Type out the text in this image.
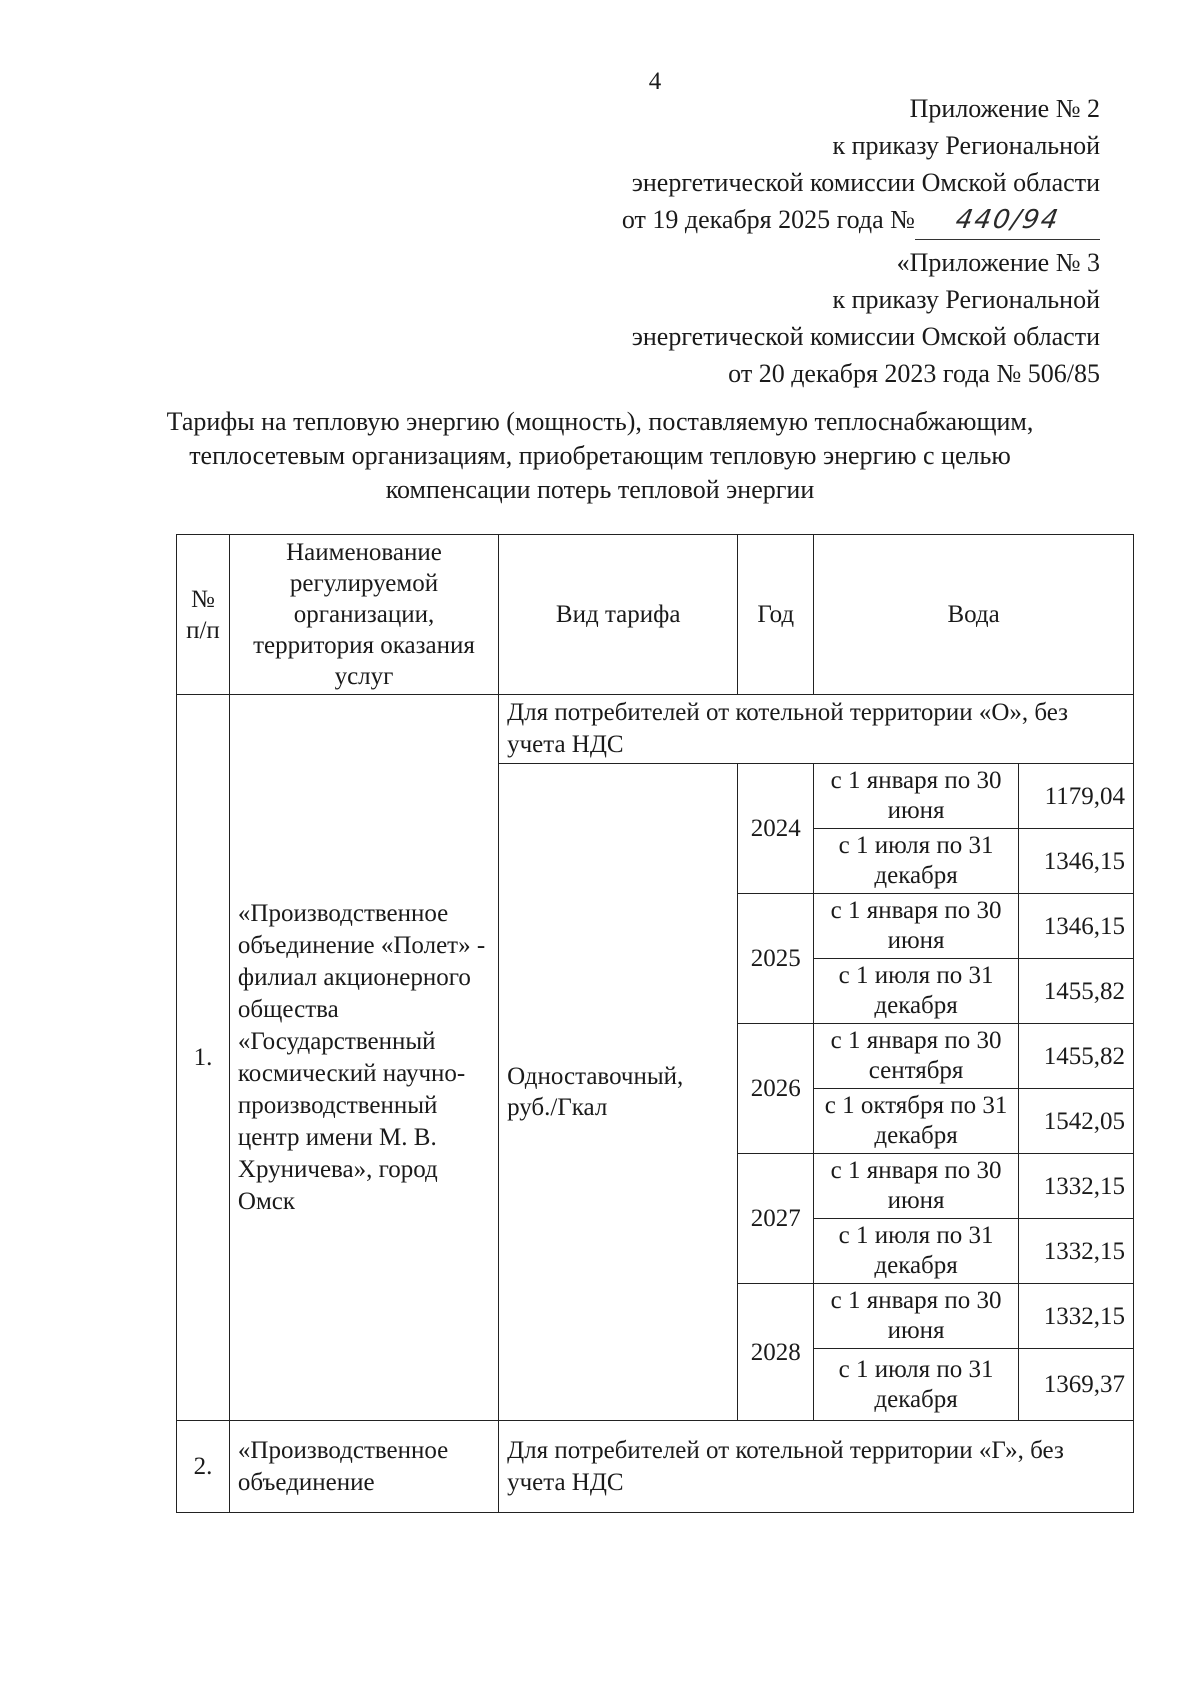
4
Приложение № 2
к приказу Региональной
энергетической комиссии Омской области
от 19 декабря 2025 года № 440/94
«Приложение № 3
к приказу Региональной
энергетической комиссии Омской области
от 20 декабря 2023 года № 506/85
Тарифы на тепловую энергию (мощность), поставляемую теплоснабжающим,
теплосетевым организациям, приобретающим тепловую энергию с целью
компенсации потерь тепловой энергии
№ п/п	Наименование регулируемой организации, территория оказания услуг	Вид тарифа	Год	Вода	
1.	«Производственное объединение «Полет» - филиал акционерного общества «Государственный космический научно-производственный центр имени М. В. Хруничева», город Омск	Для потребителей от котельной территории «О», без учета НДС			
		Одноставочный, руб./Гкал	2024	с 1 января по 30 июня	1179,04
				с 1 июля по 31 декабря	1346,15
			2025	с 1 января по 30 июня	1346,15
				с 1 июля по 31 декабря	1455,82
			2026	с 1 января по 30 сентября	1455,82
				с 1 октября по 31 декабря	1542,05
			2027	с 1 января по 30 июня	1332,15
				с 1 июля по 31 декабря	1332,15
			2028	с 1 января по 30 июня	1332,15
				с 1 июля по 31 декабря	1369,37
2.	«Производственное объединение	Для потребителей от котельной территории «Г», без учета НДС			
